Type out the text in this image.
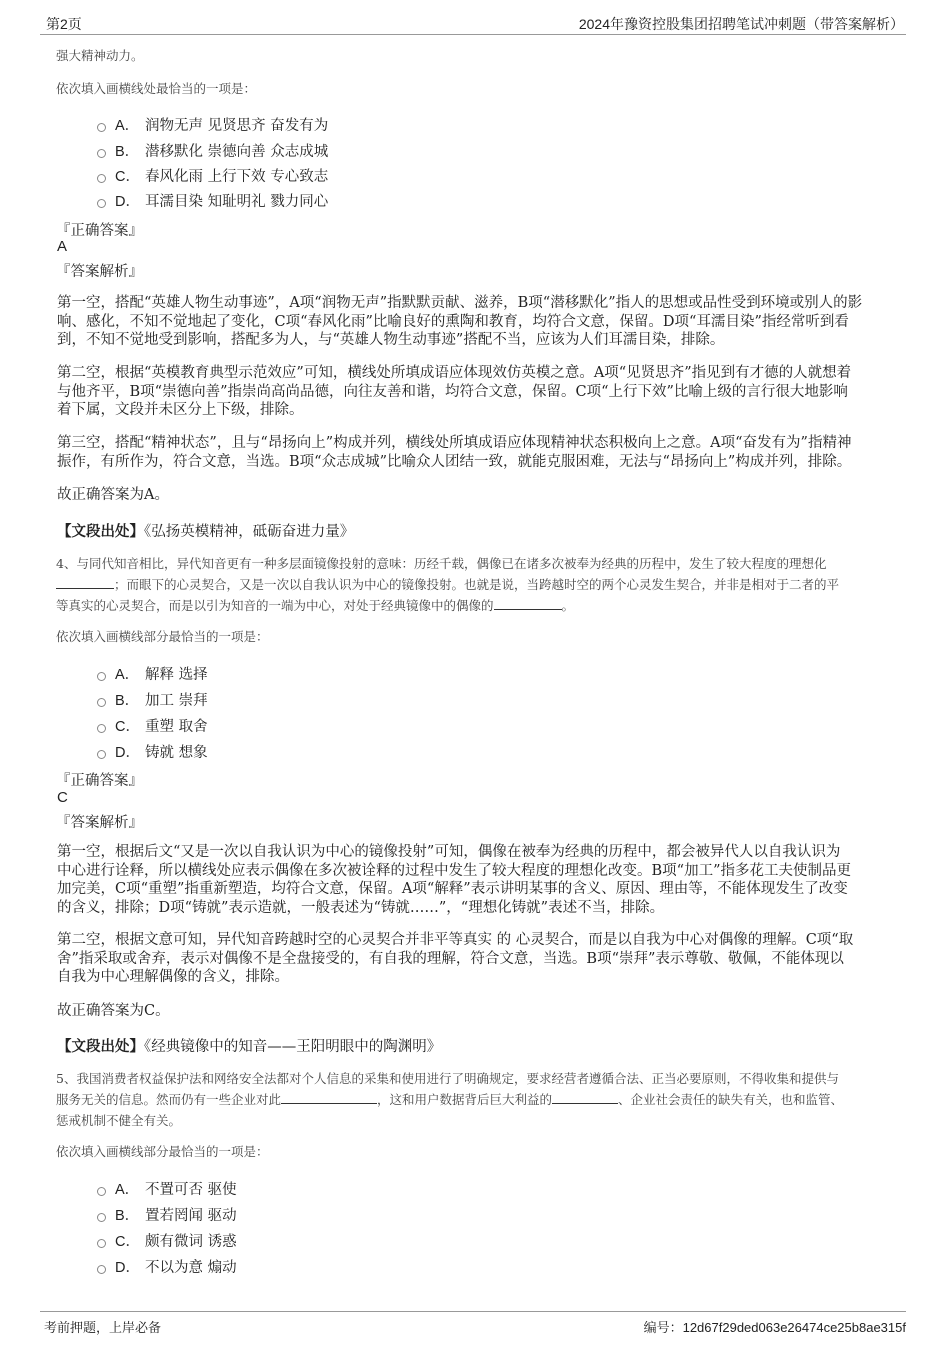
第2页	2024年豫资控股集团招聘笔试冲刺题（带答案解析）
强大精神动力。
依次填入画横线处最恰当的一项是：
A． 润物无声 见贤思齐 奋发有为
B． 潜移默化 崇德向善 众志成城
C． 春风化雨 上行下效 专心致志
D． 耳濡目染 知耻明礼 戮力同心
『正确答案』
A
『答案解析』
第一空，搭配“英雄人物生动事迹”，A项“润物无声”指默默贡献、滋养，B项“潜移默化”指人的思想或品性受到环境或别人的影
响、感化，不知不觉地起了变化，C项“春风化雨”比喻良好的熏陶和教育，均符合文意，保留。D项“耳濡目染”指经常听到看
到，不知不觉地受到影响，搭配多为人，与“英雄人物生动事迹”搭配不当，应该为人们耳濡目染，排除。
第二空，根据“英模教育典型示范效应”可知，横线处所填成语应体现效仿英模之意。A项“见贤思齐”指见到有才德的人就想着
与他齐平，B项“崇德向善”指崇尚高尚品德，向往友善和谐，均符合文意，保留。C项“上行下效”比喻上级的言行很大地影响
着下属，文段并未区分上下级，排除。
第三空，搭配“精神状态”，且与“昂扬向上”构成并列，横线处所填成语应体现精神状态积极向上之意。A项“奋发有为”指精神
振作，有所作为，符合文意，当选。B项“众志成城”比喻众人团结一致，就能克服困难，无法与“昂扬向上”构成并列，排除。
故正确答案为A。
【文段出处】《弘扬英模精神，砥砺奋进力量》
4、与同代知音相比，异代知音更有一种多层面镜像投射的意味：历经千载，偶像已在诸多次被奉为经典的历程中，发生了较大程度的理想化
；而眼下的心灵契合，又是一次以自我认识为中心的镜像投射。也就是说，当跨越时空的两个心灵发生契合，并非是相对于二者的平
等真实的心灵契合，而是以引为知音的一端为中心，对处于经典镜像中的偶像的	。
依次填入画横线部分最恰当的一项是：
A． 解释 选择
B． 加工 崇拜
C． 重塑 取舍
D． 铸就 想象
『正确答案』
C
『答案解析』
第一空，根据后文“又是一次以自我认识为中心的镜像投射”可知，偶像在被奉为经典的历程中，都会被异代人以自我认识为
中心进行诠释，所以横线处应表示偶像在多次被诠释的过程中发生了较大程度的理想化改变。B项“加工”指多花工夫使制品更
加完美，C项“重塑”指重新塑造，均符合文意，保留。A项“解释”表示讲明某事的含义、原因、理由等，不能体现发生了改变
的含义，排除；D项“铸就”表示造就，一般表述为“铸就……”，“理想化铸就”表述不当，排除。
第二空，根据文意可知，异代知音跨越时空的心灵契合并非平等真实 的 心灵契合，而是以自我为中心对偶像的理解。C项“取
舍”指采取或舍弃，表示对偶像不是全盘接受的，有自我的理解，符合文意，当选。B项“崇拜”表示尊敬、敬佩，不能体现以
自我为中心理解偶像的含义，排除。
故正确答案为C。
【文段出处】《经典镜像中的知音——王阳明眼中的陶渊明》
5、我国消费者权益保护法和网络安全法都对个人信息的采集和使用进行了明确规定，要求经营者遵循合法、正当必要原则，不得收集和提供与
服务无关的信息。然而仍有一些企业对此	，这和用户数据背后巨大利益的	、企业社会责任的缺失有关，也和监管、
惩戒机制不健全有关。
依次填入画横线部分最恰当的一项是：
A． 不置可否 驱使
B． 置若罔闻 驱动
C． 颇有微词 诱惑
D． 不以为意 煽动
考前押题，上岸必备	编号：12d67f29ded063e26474ce25b8ae315f
